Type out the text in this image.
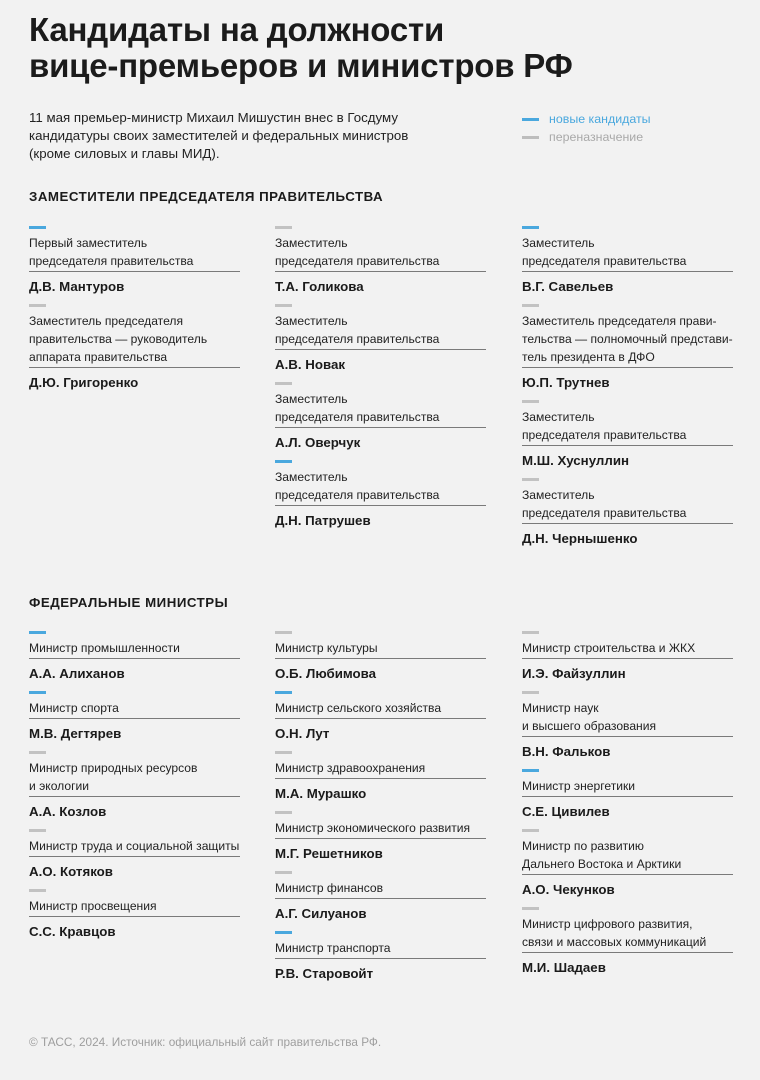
Кандидаты на должности
вице-премьеров и министров РФ
11 мая премьер-министр Михаил Мишустин внес в Госдуму
кандидатуры своих заместителей и федеральных министров
(кроме силовых и главы МИД).
новые кандидаты
переназначение
ЗАМЕСТИТЕЛИ ПРЕДСЕДАТЕЛЯ ПРАВИТЕЛЬСТВА
Первый заместитель
председателя правительства
Д.В. Мантуров
Заместитель председателя
правительства — руководитель
аппарата правительства
Д.Ю. Григоренко
Заместитель
председателя правительства
Т.А. Голикова
Заместитель
председателя правительства
А.В. Новак
Заместитель
председателя правительства
А.Л. Оверчук
Заместитель
председателя правительства
Д.Н. Патрушев
Заместитель
председателя правительства
В.Г. Савельев
Заместитель председателя прави-
тельства — полномочный представи-
тель президента в ДФО
Ю.П. Трутнев
Заместитель
председателя правительства
М.Ш. Хуснуллин
Заместитель
председателя правительства
Д.Н. Чернышенко
ФЕДЕРАЛЬНЫЕ МИНИСТРЫ
Министр промышленности
А.А. Алиханов
Министр спорта
М.В. Дегтярев
Министр природных ресурсов
и экологии
А.А. Козлов
Министр труда и социальной защиты
А.О. Котяков
Министр просвещения
С.С. Кравцов
Министр культуры
О.Б. Любимова
Министр сельского хозяйства
О.Н. Лут
Министр здравоохранения
М.А. Мурашко
Министр экономического развития
М.Г. Решетников
Министр финансов
А.Г. Силуанов
Министр транспорта
Р.В. Старовойт
Министр строительства и ЖКХ
И.Э. Файзуллин
Министр наук
и высшего образования
В.Н. Фальков
Министр энергетики
С.Е. Цивилев
Министр по развитию
Дальнего Востока и Арктики
А.О. Чекунков
Министр цифрового развития,
связи и массовых коммуникаций
М.И. Шадаев
© ТАСС, 2024. Источник: официальный сайт правительства РФ.
